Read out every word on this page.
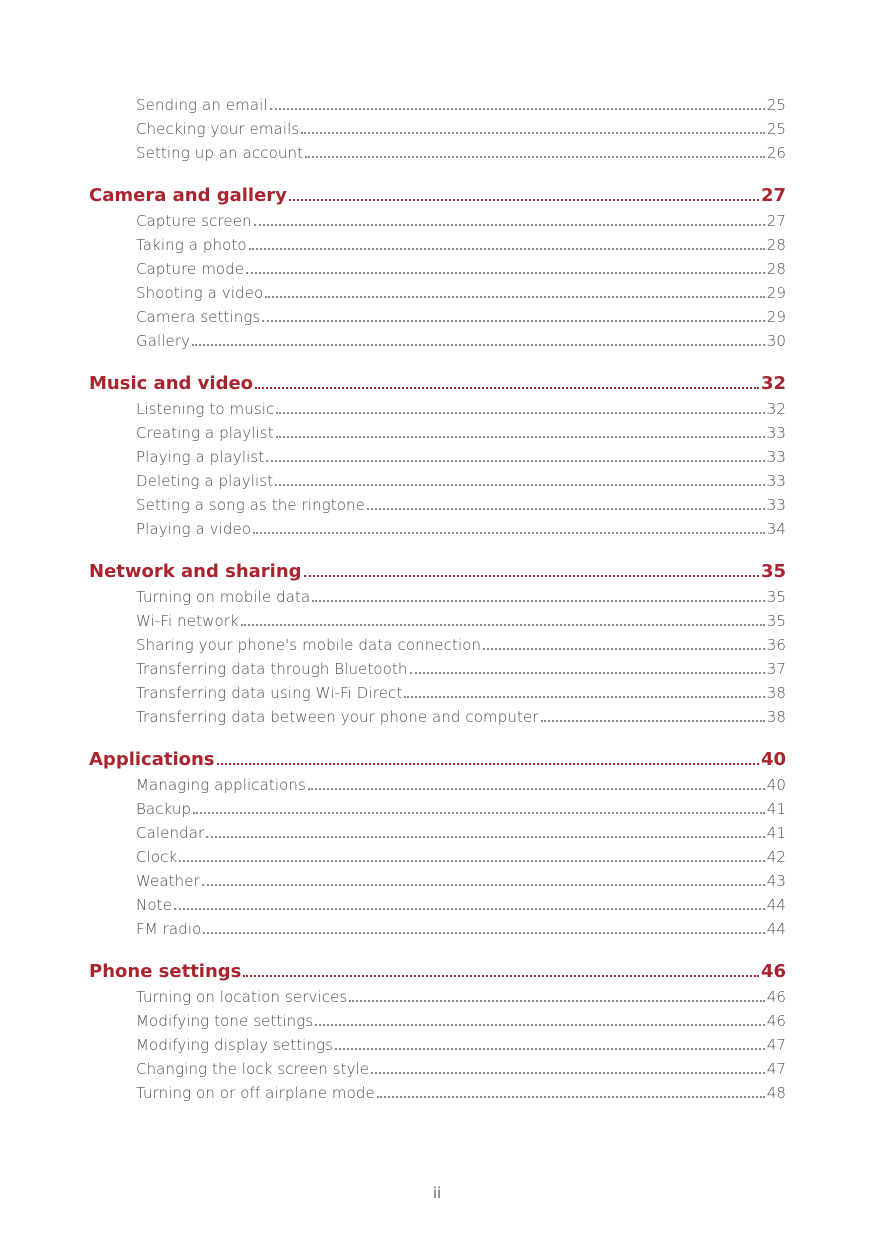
Sending an email	25
Checking your emails	25
Setting up an account	26
Camera and gallery	27
Capture screen	27
Taking a photo	28
Capture mode	28
Shooting a video	29
Camera settings	29
Gallery	30
Music and video	32
Listening to music	32
Creating a playlist	33
Playing a playlist	33
Deleting a playlist	33
Setting a song as the ringtone	33
Playing a video	34
Network and sharing	35
Turning on mobile data	35
Wi-Fi network	35
Sharing your phone's mobile data connection	36
Transferring data through Bluetooth	37
Transferring data using Wi-Fi Direct	38
Transferring data between your phone and computer	38
Applications	40
Managing applications	40
Backup	41
Calendar	41
Clock	42
Weather	43
Note	44
FM radio	44
Phone settings	46
Turning on location services	46
Modifying tone settings	46
Modifying display settings	47
Changing the lock screen style	47
Turning on or off airplane mode	48
ii
